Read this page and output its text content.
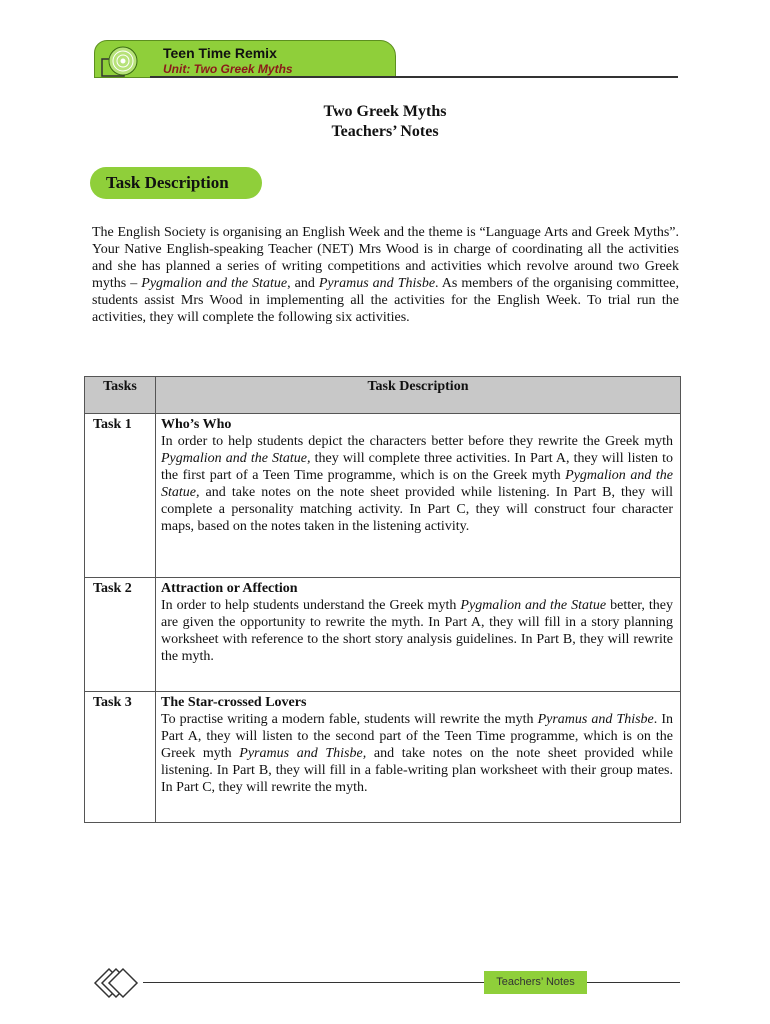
Teen Time Remix
Unit: Two Greek Myths
Two Greek Myths
Teachers’ Notes
Task Description

The English Society is organising an English Week and the theme is “Language Arts and Greek Myths”. Your Native English-speaking Teacher (NET) Mrs Wood is in charge of coordinating all the activities and she has planned a series of writing competitions and activities which revolve around two Greek myths – Pygmalion and the Statue, and Pyramus and Thisbe. As members of the organising committee, students assist Mrs Wood in implementing all the activities for the English Week. To trial run the activities, they will complete the following six activities.

Tasks	Task Description
Task 1	Who’s Who
In order to help students depict the characters better before they rewrite the Greek myth Pygmalion and the Statue, they will complete three activities. In Part A, they will listen to the first part of a Teen Time programme, which is on the Greek myth Pygmalion and the Statue, and take notes on the note sheet provided while listening. In Part B, they will complete a personality matching activity. In Part C, they will construct four character maps, based on the notes taken in the listening activity.
Task 2	Attraction or Affection
In order to help students understand the Greek myth Pygmalion and the Statue better, they are given the opportunity to rewrite the myth. In Part A, they will fill in a story planning worksheet with reference to the short story analysis guidelines. In Part B, they will rewrite the myth.
Task 3	The Star-crossed Lovers
To practise writing a modern fable, students will rewrite the myth Pyramus and Thisbe. In Part A, they will listen to the second part of the Teen Time programme, which is on the Greek myth Pyramus and Thisbe, and take notes on the note sheet provided while listening. In Part B, they will fill in a fable-writing plan worksheet with their group mates. In Part C, they will rewrite the myth.
Teachers’ Notes
